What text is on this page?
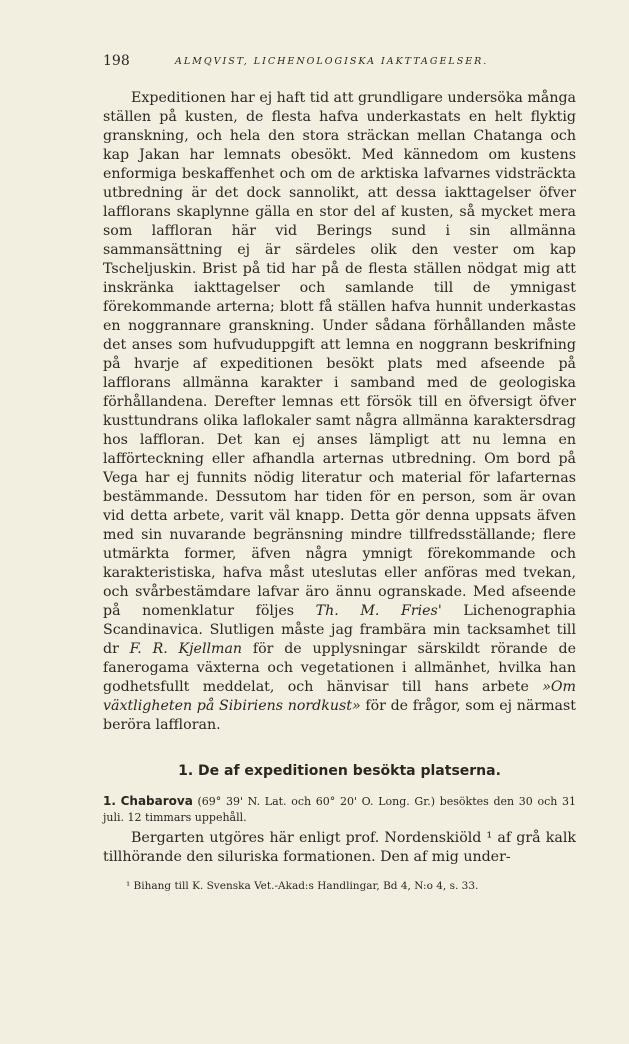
198	ALMQVIST, LICHENOLOGISKA IAKTTAGELSER.

Expeditionen har ej haft tid att grundligare undersöka många ställen på kusten, de flesta hafva underkastats en helt flyktig granskning, och hela den stora sträckan mellan Chatanga och kap Jakan har lemnats obesökt. Med kännedom om kustens enformiga beskaffenhet och om de arktiska lafvarnes vidsträckta utbredning är det dock sannolikt, att dessa iakttagelser öfver lafflorans skaplynne gälla en stor del af kusten, så mycket mera som laffloran här vid Berings sund i sin allmänna sammansättning ej är särdeles olik den vester om kap Tscheljuskin. Brist på tid har på de flesta ställen nödgat mig att inskränka iakttagelser och samlande till de ymnigast förekommande arterna; blott få ställen hafva hunnit underkastas en noggrannare granskning. Under sådana förhållanden måste det anses som hufvuduppgift att lemna en noggrann beskrifning på hvarje af expeditionen besökt plats med afseende på lafflorans allmänna karakter i samband med de geologiska förhållandena. Derefter lemnas ett försök till en öfversigt öfver kusttundrans olika laflokaler samt några allmänna karaktersdrag hos laffloran. Det kan ej anses lämpligt att nu lemna en lafförteckning eller afhandla arternas utbredning. Om bord på Vega har ej funnits nödig literatur och material för lafarternas bestämmande. Dessutom har tiden för en person, som är ovan vid detta arbete, varit väl knapp. Detta gör denna uppsats äfven med sin nuvarande begränsning mindre tillfredsställande; flere utmärkta former, äfven några ymnigt förekommande och karakteristiska, hafva måst uteslutas eller anföras med tvekan, och svårbestämdare lafvar äro ännu ogranskade. Med afseende på nomenklatur följes Th. M. Fries' Lichenographia Scandinavica. Slutligen måste jag frambära min tacksamhet till dr F. R. Kjellman för de upplysningar särskildt rörande de fanerogama växterna och vegetationen i allmänhet, hvilka han godhetsfullt meddelat, och hänvisar till hans arbete »Om växtligheten på Sibiriens nordkust» för de frågor, som ej närmast beröra laffloran.

1. De af expeditionen besökta platserna.
1. Chabarova (69° 39' N. Lat. och 60° 20' O. Long. Gr.) besöktes den 30 och 31 juli. 12 timmars uppehåll.

Bergarten utgöres här enligt prof. Nordenskiöld ¹ af grå kalk tillhörande den siluriska formationen. Den af mig under-

¹ Bihang till K. Svenska Vet.-Akad:s Handlingar, Bd 4, N:o 4, s. 33.
